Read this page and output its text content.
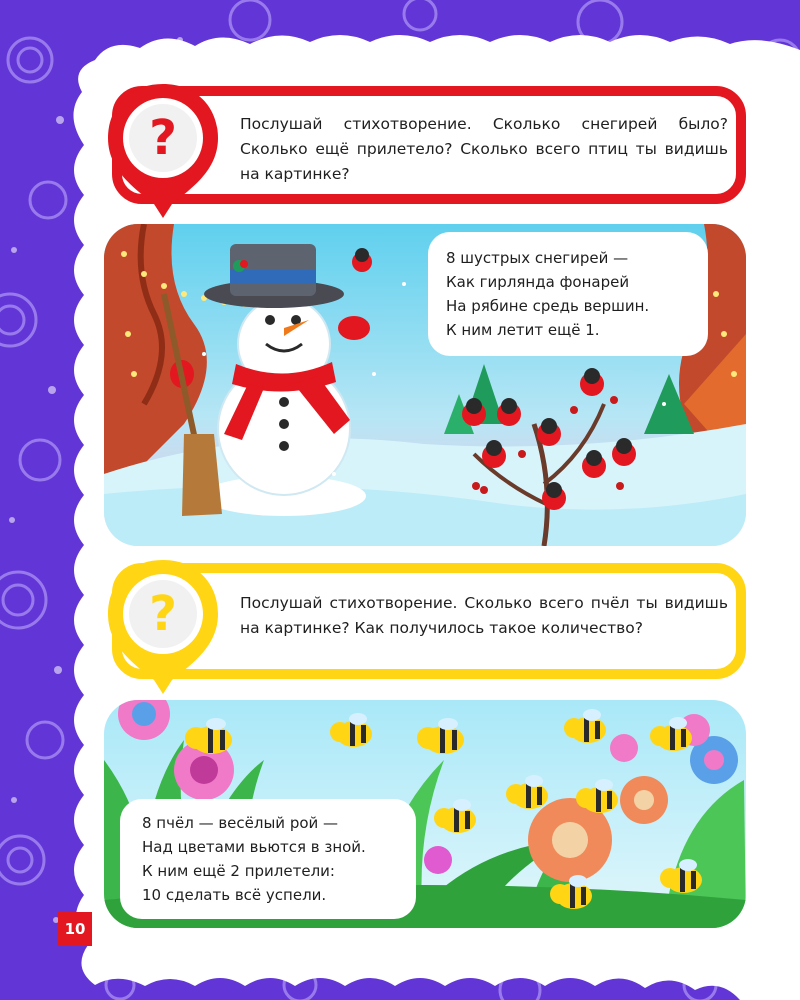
Послушай стихотворение. Сколько снегирей было? Сколько ещё прилетело? Сколько всего птиц ты видишь на картинке?
?
8 шустрых снегирей —
Как гирлянда фонарей
На рябине средь вершин.
К ним летит ещё 1.
Послушай стихотворение. Сколько всего пчёл ты видишь на картинке? Как получилось такое количество?
?
8 пчёл — весёлый рой —
Над цветами вьются в зной.
К ним ещё 2 прилетели:
10 сделать всё успели.
10
